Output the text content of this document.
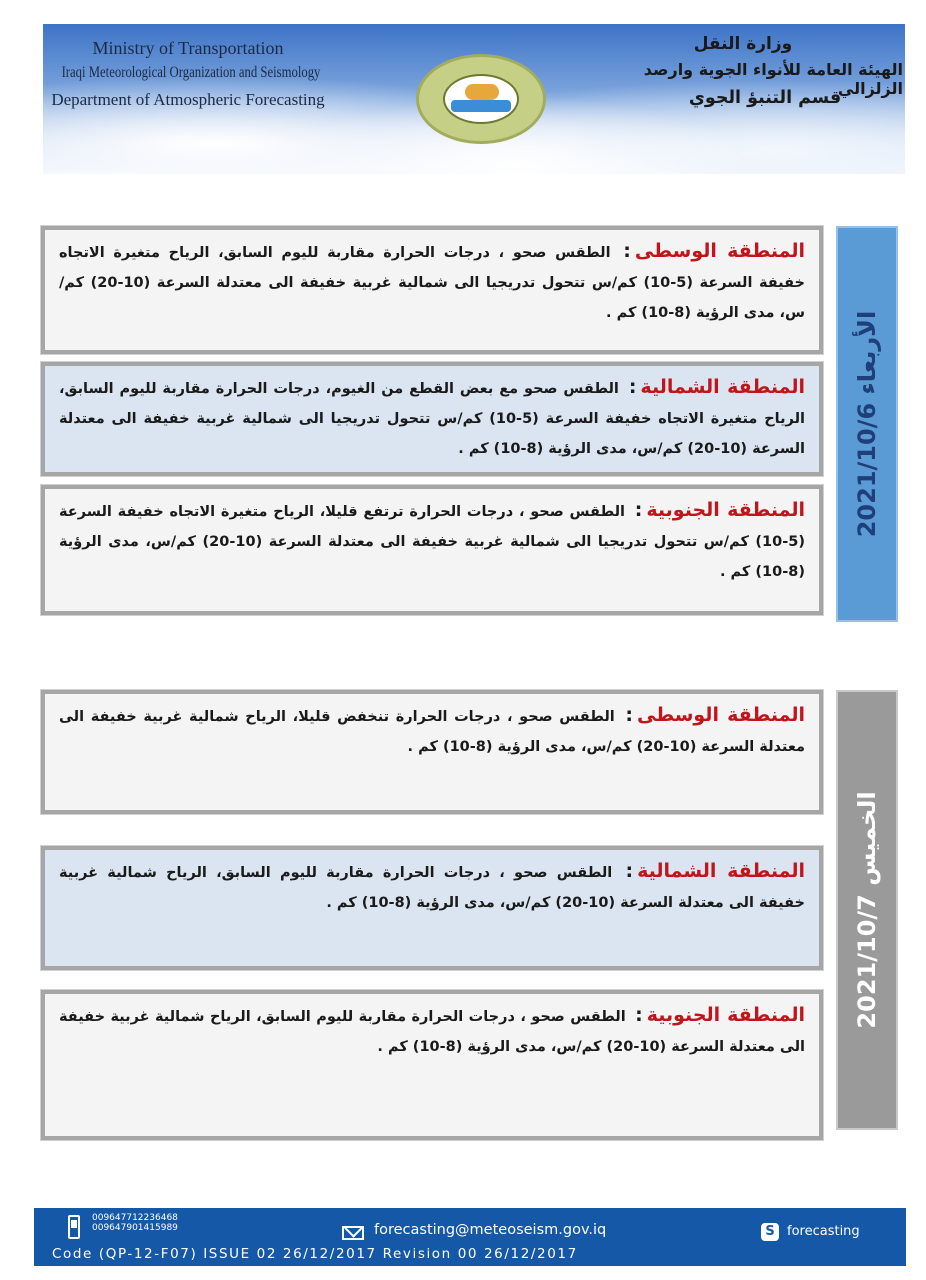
Ministry of Transportation
Iraqi Meteorological Organization and Seismology
Department of Atmospheric Forecasting
وزارة النقل
الهيئة العامة للأنواء الجوية وارصد الزلزالي
قسم التنبؤ الجوي
الأربعاء 2021/10/6
المنطقة الوسطى: الطقس صحو ، درجات الحرارة مقاربة لليوم السابق، الرياح متغيرة الاتجاه خفيفة السرعة (5-10) كم/س تتحول تدريجيا الى شمالية غربية خفيفة الى معتدلة السرعة (10-20) كم/س، مدى الرؤية (8-10) كم .
المنطقة الشمالية: الطقس صحو مع بعض القطع من الغيوم، درجات الحرارة مقاربة لليوم السابق، الرياح متغيرة الاتجاه خفيفة السرعة (5-10) كم/س تتحول تدريجيا الى شمالية غربية خفيفة الى معتدلة السرعة (10-20) كم/س، مدى الرؤية (8-10) كم .
المنطقة الجنوبية: الطقس صحو ، درجات الحرارة ترتفع قليلا، الرياح متغيرة الاتجاه خفيفة السرعة (5-10) كم/س تتحول تدريجيا الى شمالية غربية خفيفة الى معتدلة السرعة (10-20) كم/س، مدى الرؤية (8-10) كم .
الخميس 2021/10/7
المنطقة الوسطى: الطقس صحو ، درجات الحرارة تنخفض قليلا، الرياح شمالية غربية خفيفة الى معتدلة السرعة (10-20) كم/س، مدى الرؤية (8-10) كم .
المنطقة الشمالية: الطقس صحو ، درجات الحرارة مقاربة لليوم السابق، الرياح شمالية غربية خفيفة الى معتدلة السرعة (10-20) كم/س، مدى الرؤية (8-10) كم .
المنطقة الجنوبية: الطقس صحو ، درجات الحرارة مقاربة لليوم السابق، الرياح شمالية غربية خفيفة الى معتدلة السرعة (10-20) كم/س، مدى الرؤية (8-10) كم .
009647712236468
009647901415989	forecasting@meteoseism.gov.iq	S forecasting
Code (QP-12-F07) ISSUE 02 26/12/2017 Revision 00 26/12/2017
